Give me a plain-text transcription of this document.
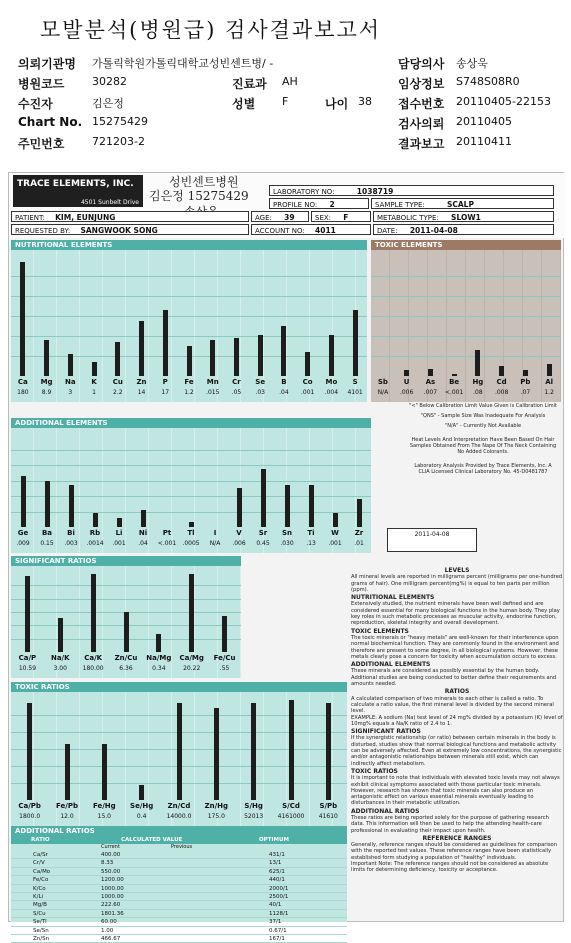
모발분석(병원급) 검사결과보고서
의뢰기관명 가톨릭학원가톨릭대학교성빈센트병/ -	담당의사 송상욱
병원코드	30282	진료과 AH	임상정보 S748S08R0
수진자	김은정	성별 F	나이 38 접수번호 20110405-22153
Chart No. 15275429	검사의뢰 20110405
주민번호	721203-2	결과보고 20110411
TRACE ELEMENTS, INC.
4501 Sunbelt Drive
성빈센트병원
김은정 15275429	LABORATORY NO:	1038719
PROFILE NO: 2	SAMPLE TYPE:	SCALP
PATIENT: KIM, EUNJUNG	AGE: 39	SEX: F	METABOLIC TYPE: SLOW1
REQUESTED BY: SANGWOOK SONG	ACCOUNT NO: 4011	DATE: 2011-04-08
NUTRITIONAL ELEMENTS	TOXIC ELEMENTS
Ca
180
Mg
8.9
Na
3
K
1
Cu
2.2
Zn
14
P
17
Fe
1.2
Mn
.015
Cr
.05
Se
.03
B
.04
Co
.001
Mo
.004
S
4101
Sb
N/A
U
.006
As
.007
Be
<.001
Hg
.08
Cd
.008
Pb
.07
Al
1.2
"<" Below Calibration Limit Value Given is Calibration Limit
"QNS" - Sample Size Was Inadequate For Analysis
"N/A" - Currently Not Available
Heat Levels And Interpretation Have Been Based On Hair Samples Obtained From The Nape Of The Neck Containing No Added Colorants.
Laboratory Analysis Provided by Trace Elements, Inc. A CLIA Licensed Clinical Laboratory No. 45-D0481787
ADDITIONAL ELEMENTS
Ge
.009
Ba
0.15
Bi
.003
Rb
.0014
Li
.001
Ni
.04
Pt
<.001
Tl
.0005
I
N/A
V
.006
Sr
0.45
Sn
.030
Ti
.13
W
.001
Zr
.01
2011-04-08
SIGNIFICANT RATIOS
Ca/P
10.59
Na/K
3.00
Ca/K
180.00
Zn/Cu
6.36
Na/Mg
0.34
Ca/Mg
20.22
Fe/Cu
.55
TOXIC RATIOS
Ca/Pb
1800.0
Fe/Pb
12.0
Fe/Hg
15.0
Se/Hg
0.4
Zn/Cd
14000.0
Zn/Hg
175.0
S/Hg
52013
S/Cd
4161000
S/Pb
41610
ADDITIONAL RATIOS
RATIO	CALCULATED VALUE	OPTIMUM
Current	Previous
Ca/Sr	400.00	431/1
Cr/V	8.33	13/1
Ca/Mo	550.00	625/1
Fe/Co	1200.00	440/1
K/Co	1000.00	2000/1
K/Li	1000.00	2500/1
Mg/B	222.60	40/1
S/Cu	1801.36	1128/1
Se/Tl	60.00	37/1
Se/Sn	1.00	0.67/1
Zn/Sn	466.67	167/1
LEVELS

All mineral levels are reported in milligrams percent (milligrams per one-hundred grams of hair). One milligram percent(mg%) is equal to ten parts per million (ppm).

NUTRITIONAL ELEMENTS

Extensively studied, the nutrient minerals have been well defined and are considered essential for many biological functions in the human body. They play key roles in such metabolic processes as muscular activity, endocrine function, reproduction, skeletal integrity and overall development.

TOXIC ELEMENTS

The toxic minerals or "heavy metals" are well-known for their interference upon normal biochemical function. They are commonly found in the environment and therefore are present to some degree, in all biological systems. However, these metals clearly pose a concern for toxicity when accumulation occurs to excess.

ADDITIONAL ELEMENTS

These minerals are considered as possibly essential by the human body. Additional studies are being conducted to better define their requirements and amounts needed.

RATIOS

A calculated comparison of two minerals to each other is called a ratio. To calculate a ratio value, the first mineral level is divided by the second mineral level.

EXAMPLE: A sodium (Na) test level of 24 mg% divided by a potassium (K) level of 10mg% equals a Na/K ratio of 2.4 to 1.

SIGNIFICANT RATIOS

If the synergistic relationship (or ratio) between certain minerals in the body is disturbed, studies show that normal biological functions and metabolic activity can be adversely affected. Even at extremely low concentrations, the synergistic and/or antagonistic relationships between minerals still exist, which can indirectly affect metabolism.

TOXIC RATIOS

It is important to note that individuals with elevated toxic levels may not always exhibit clinical symptoms associated with those particular toxic minerals. However, research has shown that toxic minerals can also produce an antagonistic effect on various essential minerals eventually leading to disturbances in their metabolic utilization.

ADDITIONAL RATIOS

These ratios are being reported solely for the purpose of gathering research data. This information will then be used to help the attending health-care professional in evaluating their impact upon health.

REFERENCE RANGES

Generally, reference ranges should be considered as guidelines for comparison with the reported test values. These reference ranges have been statistically established form studying a population of "healthy" individuals.

Important Note: The reference ranges should not be considered as absolute limits for determining deficiency, toxicity or acceptance.
